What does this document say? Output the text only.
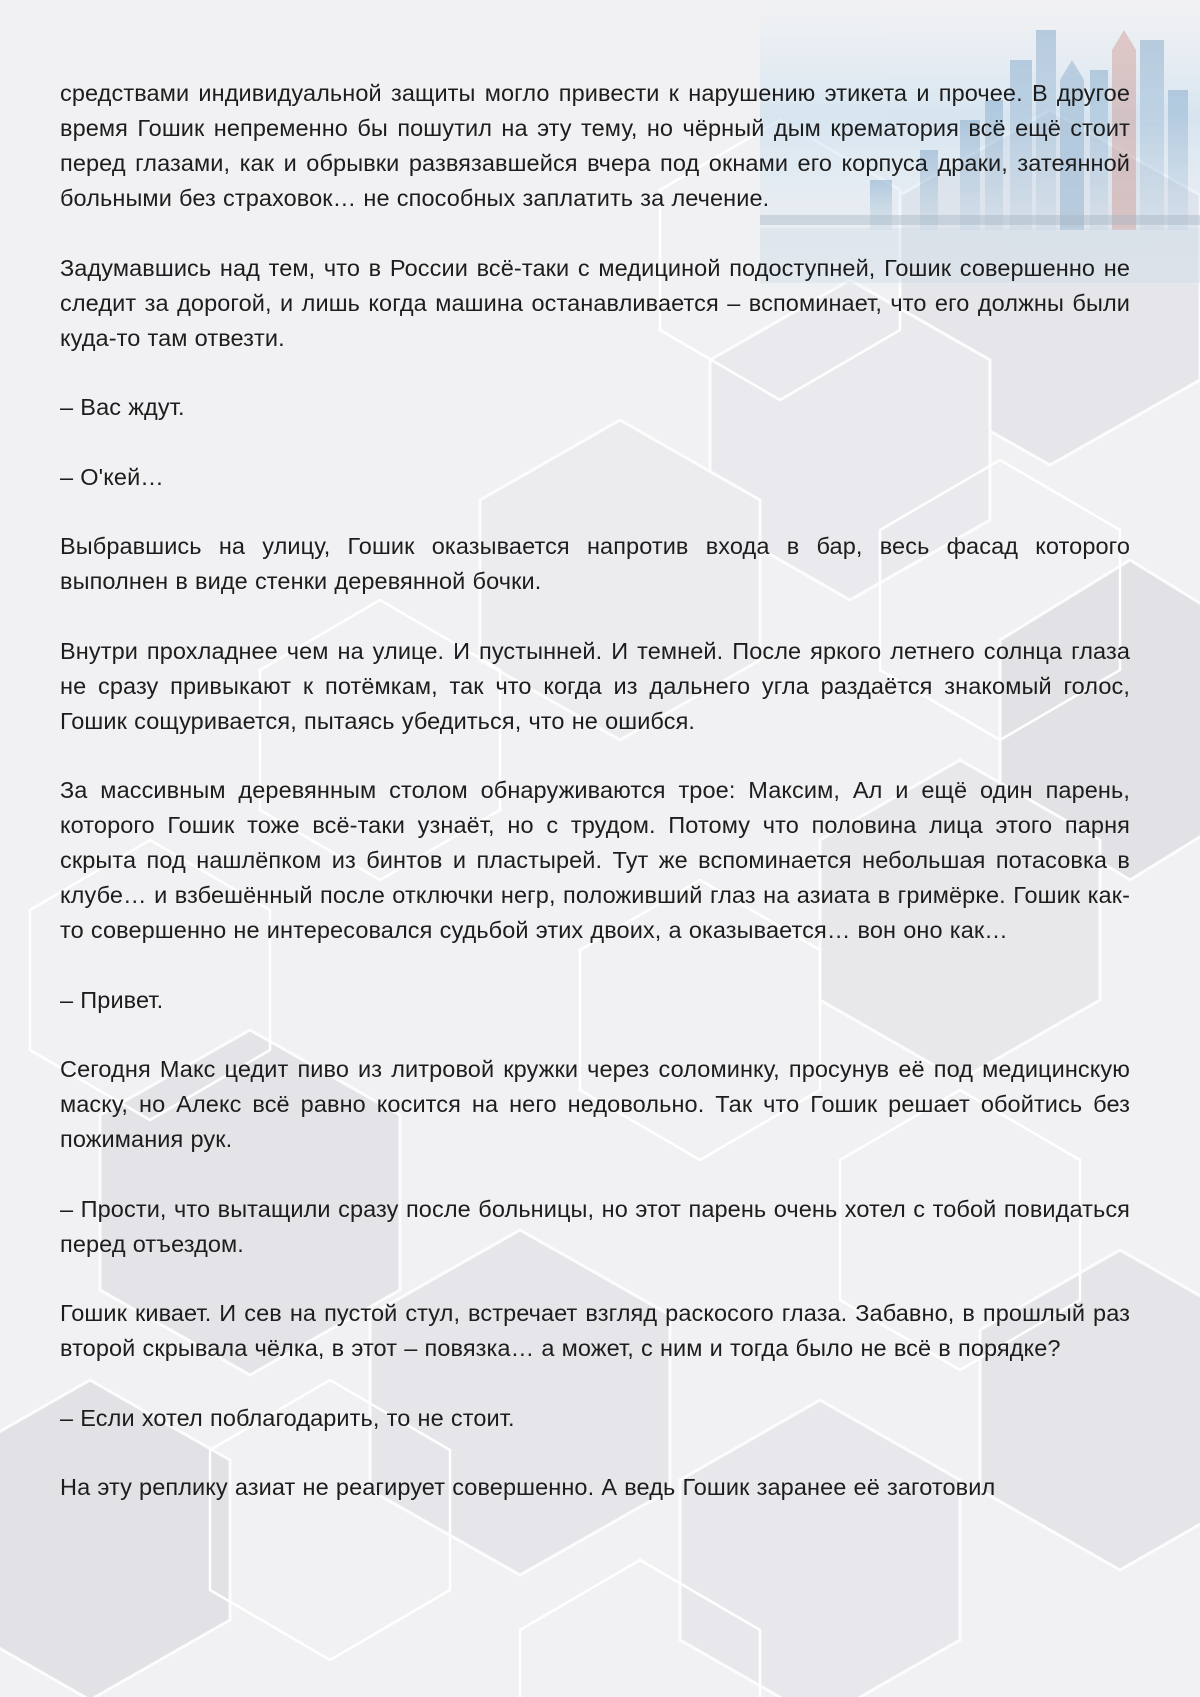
средствами индивидуальной защиты могло привести к нарушению этикета и прочее. В другое время Гошик непременно бы пошутил на эту тему, но чёрный дым крематория всё ещё стоит перед глазами, как и обрывки развязавшейся вчера под окнами его корпуса драки, затеянной больными без страховок… не способных заплатить за лечение.

Задумавшись над тем, что в России всё-таки с медициной подоступней, Гошик совершенно не следит за дорогой, и лишь когда машина останавливается – вспоминает, что его должны были куда-то там отвезти.

– Вас ждут.

– О'кей…

Выбравшись на улицу, Гошик оказывается напротив входа в бар, весь фасад которого выполнен в виде стенки деревянной бочки.

Внутри прохладнее чем на улице. И пустынней. И темней. После яркого летнего солнца глаза не сразу привыкают к потёмкам, так что когда из дальнего угла раздаётся знакомый голос, Гошик сощуривается, пытаясь убедиться, что не ошибся.

За массивным деревянным столом обнаруживаются трое: Максим, Ал и ещё один парень, которого Гошик тоже всё-таки узнаёт, но с трудом. Потому что половина лица этого парня скрыта под нашлёпком из бинтов и пластырей. Тут же вспоминается небольшая потасовка в клубе… и взбешённый после отключки негр, положивший глаз на азиата в гримёрке. Гошик как-то совершенно не интересовался судьбой этих двоих, а оказывается… вон оно как…

– Привет.

Сегодня Макс цедит пиво из литровой кружки через соломинку, просунув её под медицинскую маску, но Алекс всё равно косится на него недовольно. Так что Гошик решает обойтись без пожимания рук.

– Прости, что вытащили сразу после больницы, но этот парень очень хотел с тобой повидаться перед отъездом.

Гошик кивает. И сев на пустой стул, встречает взгляд раскосого глаза. Забавно, в прошлый раз второй скрывала чёлка, в этот – повязка… а может, с ним и тогда было не всё в порядке?

– Если хотел поблагодарить, то не стоит.

На эту реплику азиат не реагирует совершенно. А ведь Гошик заранее её заготовил
